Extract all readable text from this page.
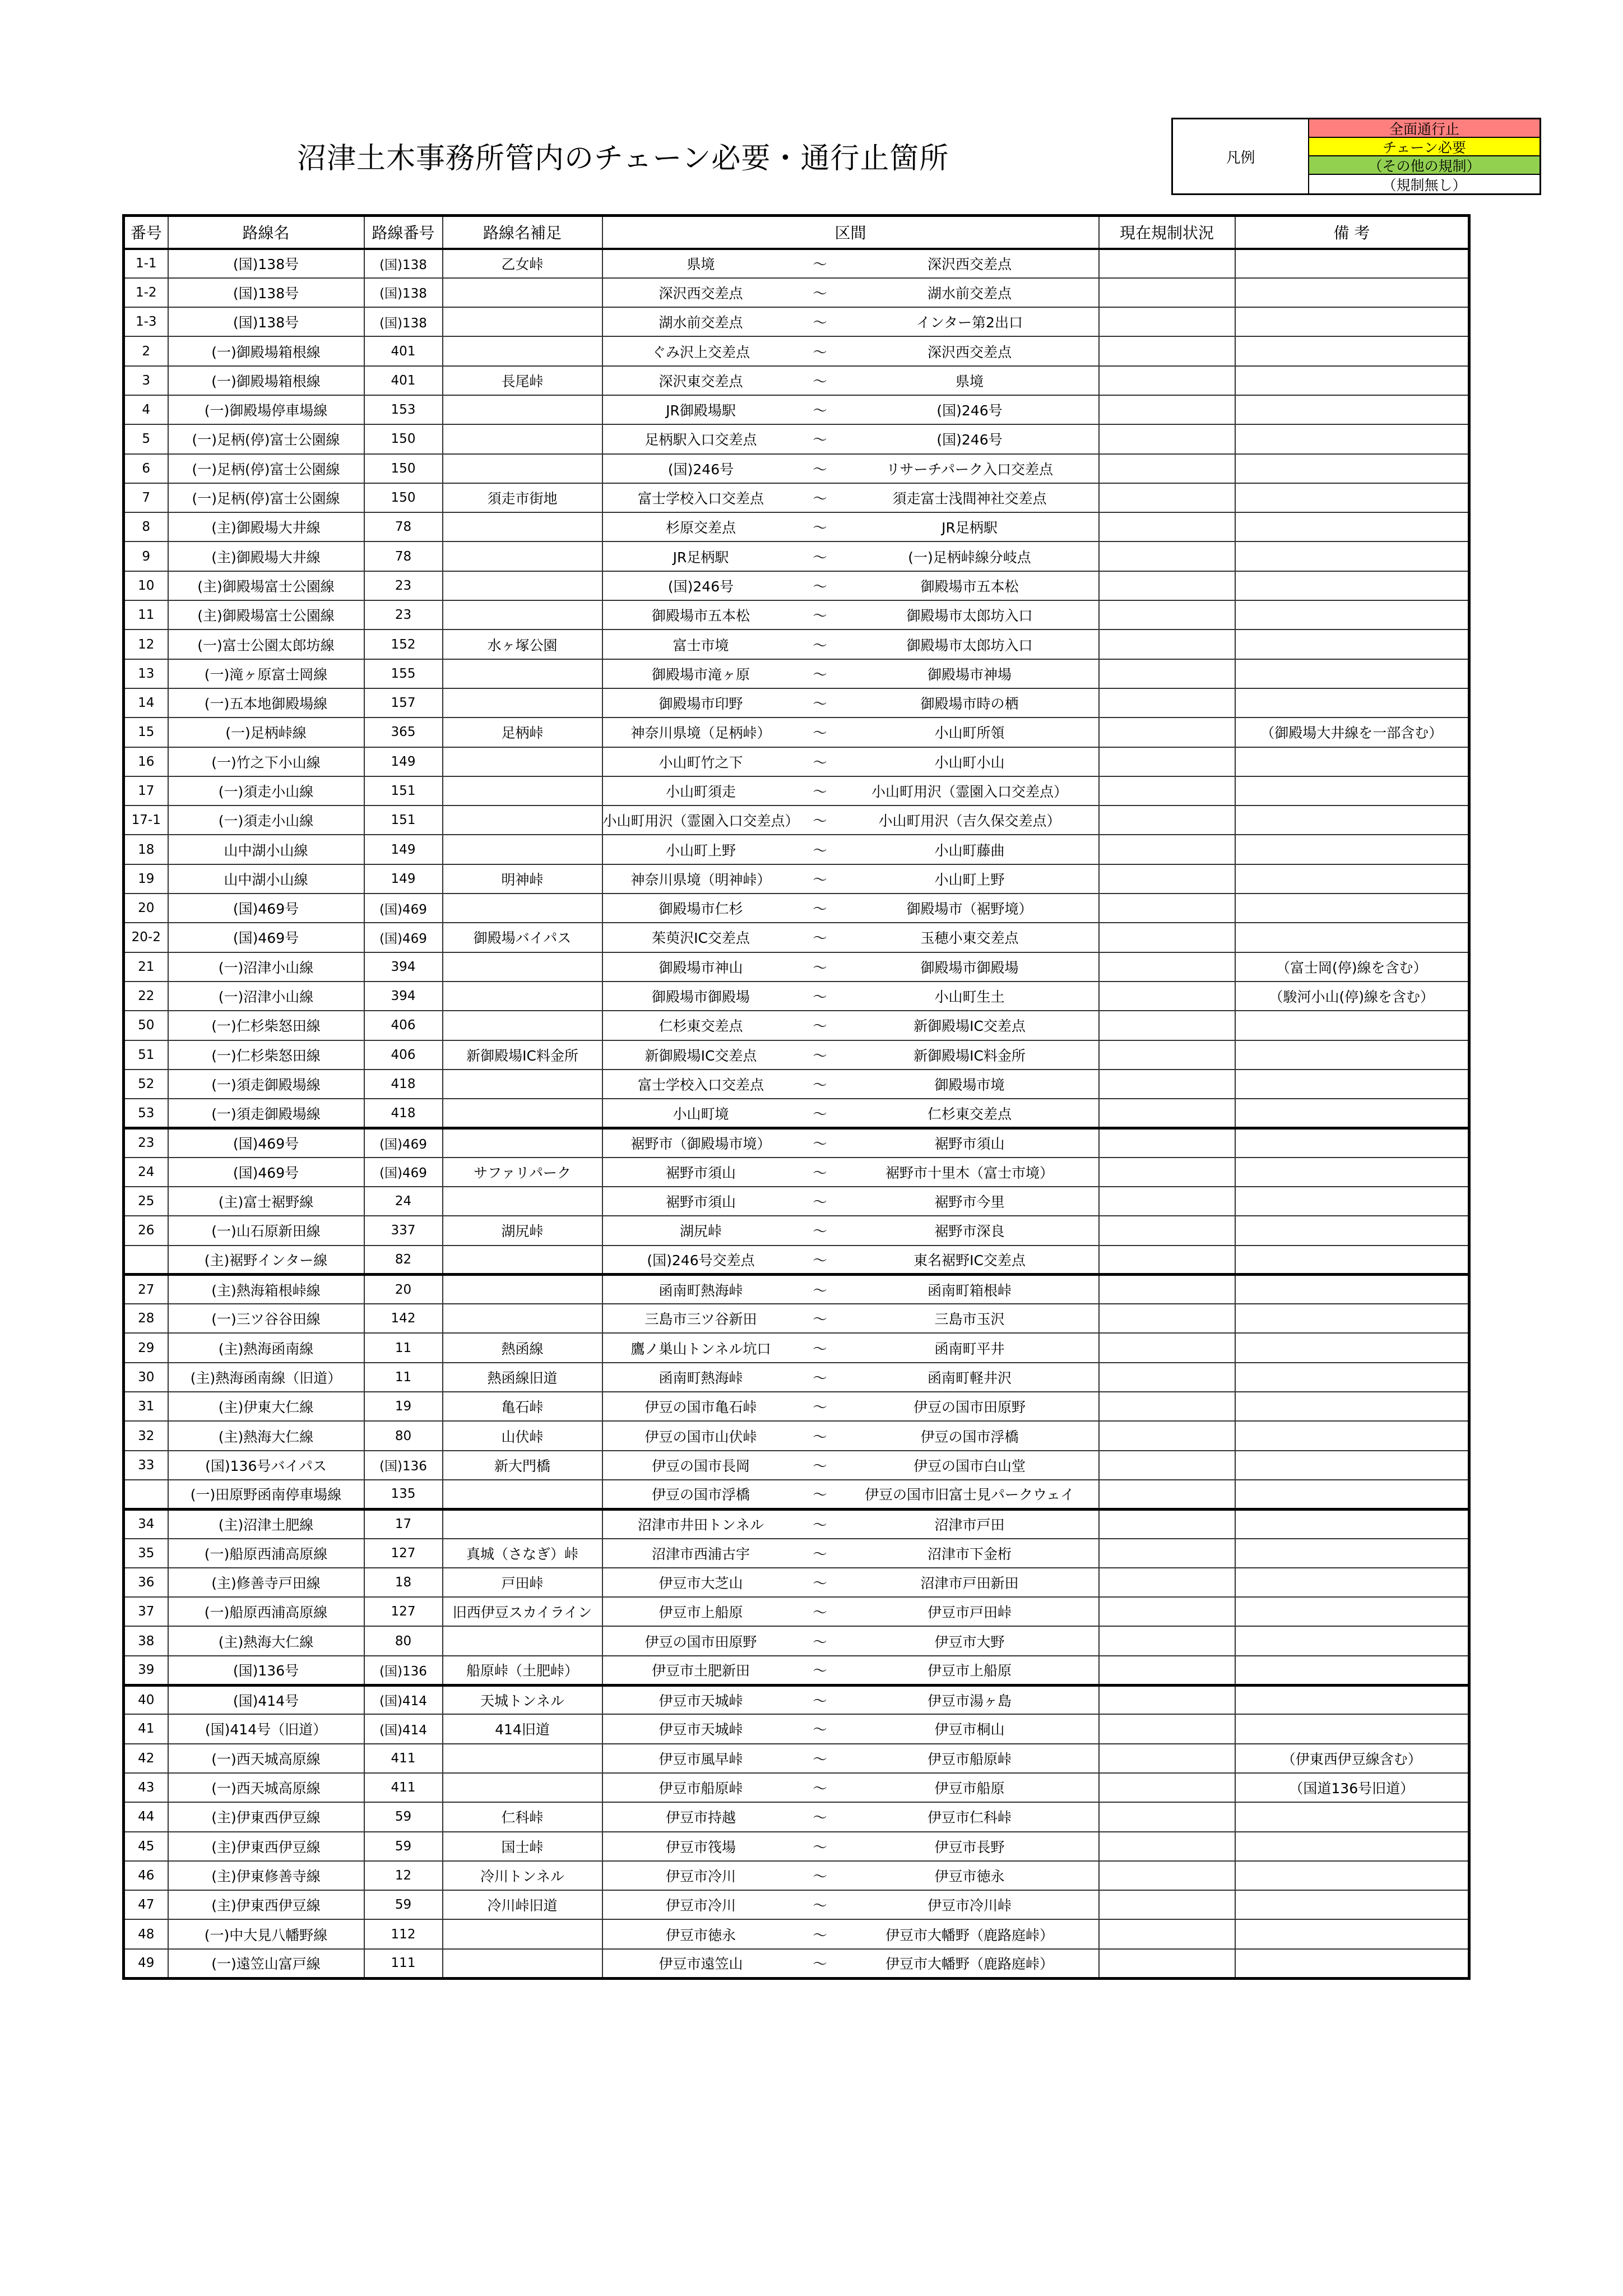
沼津土木事務所管内のチェーン必要・通行止箇所	凡例
全面通行止
チェーン必要
（その他の規制）
（規制無し）
番号	路線名	路線番号	路線名補足	区間			現在規制状況	備 考
1-1	(国)138号	(国)138	乙女峠	県境	～	深沢西交差点		
1-2	(国)138号	(国)138		深沢西交差点	～	湖水前交差点		
1-3	(国)138号	(国)138		湖水前交差点	～	インター第2出口		
2	(一)御殿場箱根線	401		ぐみ沢上交差点	～	深沢西交差点		
3	(一)御殿場箱根線	401	長尾峠	深沢東交差点	～	県境		
4	(一)御殿場停車場線	153		JR御殿場駅	～	(国)246号		
5	(一)足柄(停)富士公園線	150		足柄駅入口交差点	～	(国)246号		
6	(一)足柄(停)富士公園線	150		(国)246号	～	リサーチパーク入口交差点		
7	(一)足柄(停)富士公園線	150	須走市街地	富士学校入口交差点	～	須走富士浅間神社交差点		
8	(主)御殿場大井線	78		杉原交差点	～	JR足柄駅		
9	(主)御殿場大井線	78		JR足柄駅	～	(一)足柄峠線分岐点		
10	(主)御殿場富士公園線	23		(国)246号	～	御殿場市五本松		
11	(主)御殿場富士公園線	23		御殿場市五本松	～	御殿場市太郎坊入口		
12	(一)富士公園太郎坊線	152	水ヶ塚公園	富士市境	～	御殿場市太郎坊入口		
13	(一)滝ヶ原富士岡線	155		御殿場市滝ヶ原	～	御殿場市神場		
14	(一)五本地御殿場線	157		御殿場市印野	～	御殿場市時の栖		
15	(一)足柄峠線	365	足柄峠	神奈川県境（足柄峠）	～	小山町所領		（御殿場大井線を一部含む）
16	(一)竹之下小山線	149		小山町竹之下	～	小山町小山		
17	(一)須走小山線	151		小山町須走	～	小山町用沢（霊園入口交差点）		
17-1	(一)須走小山線	151		小山町用沢（霊園入口交差点）	～	小山町用沢（吉久保交差点）		
18	山中湖小山線	149		小山町上野	～	小山町藤曲		
19	山中湖小山線	149	明神峠	神奈川県境（明神峠）	～	小山町上野		
20	(国)469号	(国)469		御殿場市仁杉	～	御殿場市（裾野境）		
20-2	(国)469号	(国)469	御殿場バイパス	茱萸沢IC交差点	～	玉穂小東交差点		
21	(一)沼津小山線	394		御殿場市神山	～	御殿場市御殿場		（富士岡(停)線を含む）
22	(一)沼津小山線	394		御殿場市御殿場	～	小山町生土		（駿河小山(停)線を含む）
50	(一)仁杉柴怒田線	406		仁杉東交差点	～	新御殿場IC交差点		
51	(一)仁杉柴怒田線	406	新御殿場IC料金所	新御殿場IC交差点	～	新御殿場IC料金所		
52	(一)須走御殿場線	418		富士学校入口交差点	～	御殿場市境		
53	(一)須走御殿場線	418		小山町境	～	仁杉東交差点		
23	(国)469号	(国)469		裾野市（御殿場市境）	～	裾野市須山		
24	(国)469号	(国)469	サファリパーク	裾野市須山	～	裾野市十里木（富士市境）		
25	(主)富士裾野線	24		裾野市須山	～	裾野市今里		
26	(一)山石原新田線	337	湖尻峠	湖尻峠	～	裾野市深良		
	(主)裾野インター線	82		(国)246号交差点	～	東名裾野IC交差点		
27	(主)熱海箱根峠線	20		函南町熱海峠	～	函南町箱根峠		
28	(一)三ツ谷谷田線	142		三島市三ツ谷新田	～	三島市玉沢		
29	(主)熱海函南線	11	熱函線	鷹ノ巣山トンネル坑口	～	函南町平井		
30	(主)熱海函南線（旧道）	11	熱函線旧道	函南町熱海峠	～	函南町軽井沢		
31	(主)伊東大仁線	19	亀石峠	伊豆の国市亀石峠	～	伊豆の国市田原野		
32	(主)熱海大仁線	80	山伏峠	伊豆の国市山伏峠	～	伊豆の国市浮橋		
33	(国)136号バイパス	(国)136	新大門橋	伊豆の国市長岡	～	伊豆の国市白山堂		
	(一)田原野函南停車場線	135		伊豆の国市浮橋	～	伊豆の国市旧富士見パークウェイ		
34	(主)沼津土肥線	17		沼津市井田トンネル	～	沼津市戸田		
35	(一)船原西浦高原線	127	真城（さなぎ）峠	沼津市西浦古宇	～	沼津市下金桁		
36	(主)修善寺戸田線	18	戸田峠	伊豆市大芝山	～	沼津市戸田新田		
37	(一)船原西浦高原線	127	旧西伊豆スカイライン	伊豆市上船原	～	伊豆市戸田峠		
38	(主)熱海大仁線	80		伊豆の国市田原野	～	伊豆市大野		
39	(国)136号	(国)136	船原峠（土肥峠）	伊豆市土肥新田	～	伊豆市上船原		
40	(国)414号	(国)414	天城トンネル	伊豆市天城峠	～	伊豆市湯ヶ島		
41	(国)414号（旧道）	(国)414	414旧道	伊豆市天城峠	～	伊豆市桐山		
42	(一)西天城高原線	411		伊豆市風早峠	～	伊豆市船原峠		（伊東西伊豆線含む）
43	(一)西天城高原線	411		伊豆市船原峠	～	伊豆市船原		（国道136号旧道）
44	(主)伊東西伊豆線	59	仁科峠	伊豆市持越	～	伊豆市仁科峠		
45	(主)伊東西伊豆線	59	国士峠	伊豆市筏場	～	伊豆市長野		
46	(主)伊東修善寺線	12	冷川トンネル	伊豆市冷川	～	伊豆市徳永		
47	(主)伊東西伊豆線	59	冷川峠旧道	伊豆市冷川	～	伊豆市冷川峠		
48	(一)中大見八幡野線	112		伊豆市徳永	～	伊豆市大幡野（鹿路庭峠）		
49	(一)遠笠山富戸線	111		伊豆市遠笠山	～	伊豆市大幡野（鹿路庭峠）		
